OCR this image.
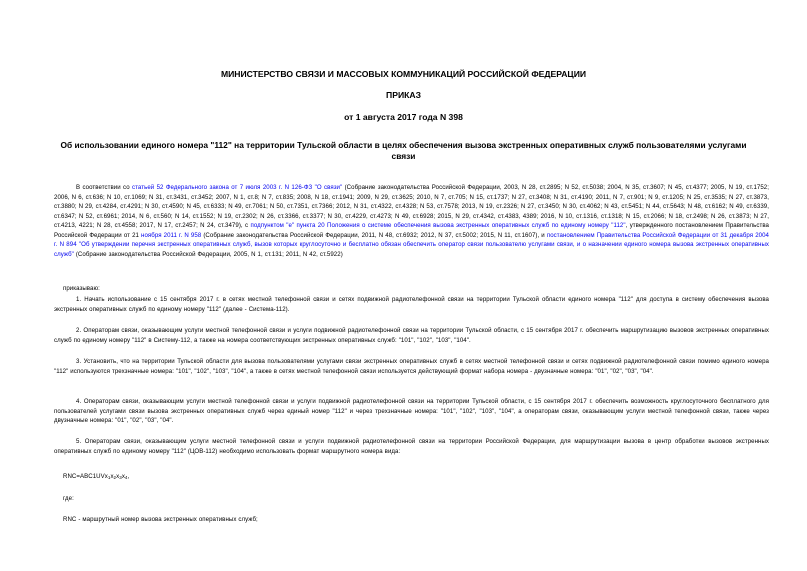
МИНИСТЕРСТВО СВЯЗИ И МАССОВЫХ КОММУНИКАЦИЙ РОССИЙСКОЙ ФЕДЕРАЦИИ
ПРИКАЗ
от 1 августа 2017 года N 398
Об использовании единого номера "112" на территории Тульской области в целях обеспечения вызова экстренных оперативных служб пользователями услугами связи
В соответствии со статьей 52 Федерального закона от 7 июля 2003 г. N 126-ФЗ "О связи" (Собрание законодательства Российской Федерации, 2003, N 28, ст.2895; N 52, ст.5038; 2004, N 35, ст.3607; N 45, ст.4377; 2005, N 19, ст.1752; 2006, N 6, ст.636; N 10, ст.1069; N 31, ст.3431, ст.3452; 2007, N 1, ст.8; N 7, ст.835; 2008, N 18, ст.1941; 2009, N 29, ст.3625; 2010, N 7, ст.705; N 15, ст.1737; N 27, ст.3408; N 31, ст.4190; 2011, N 7, ст.901; N 9, ст.1205; N 25, ст.3535; N 27, ст.3873, ст.3880; N 29, ст.4284, ст.4291; N 30, ст.4590; N 45, ст.6333; N 49, ст.7061; N 50, ст.7351, ст.7366; 2012, N 31, ст.4322, ст.4328; N 53, ст.7578; 2013, N 19, ст.2326; N 27, ст.3450; N 30, ст.4062; N 43, ст.5451; N 44, ст.5643; N 48, ст.6162; N 49, ст.6339, ст.6347; N 52, ст.6961; 2014, N 6, ст.560; N 14, ст.1552; N 19, ст.2302; N 26, ст.3366, ст.3377; N 30, ст.4229, ст.4273; N 49, ст.6928; 2015, N 29, ст.4342, ст.4383, 4389; 2016, N 10, ст.1316, ст.1318; N 15, ст.2066; N 18, ст.2498; N 26, ст.3873; N 27, ст.4213, 4221; N 28, ст.4558; 2017, N 17, ст.2457; N 24, ст.3479), с подпунктом "е" пункта 20 Положения о системе обеспечения вызова экстренных оперативных служб по единому номеру "112", утвержденного постановлением Правительства Российской Федерации от 21 ноября 2011 г. N 958 (Собрание законодательства Российской Федерации, 2011, N 48, ст.6932; 2012, N 37, ст.5002; 2015, N 11, ст.1607), и постановлением Правительства Российской Федерации от 31 декабря 2004 г. N 894 "Об утверждении перечня экстренных оперативных служб, вызов которых круглосуточно и бесплатно обязан обеспечить оператор связи пользователю услугами связи, и о назначении единого номера вызова экстренных оперативных служб" (Собрание законодательства Российской Федерации, 2005, N 1, ст.131; 2011, N 42, ст.5922)
приказываю:
1. Начать использование с 15 сентября 2017 г. в сетях местной телефонной связи и сетях подвижной радиотелефонной связи на территории Тульской области единого номера "112" для доступа в систему обеспечения вызова экстренных оперативных служб по единому номеру "112" (далее - Система-112).
2. Операторам связи, оказывающим услуги местной телефонной связи и услуги подвижной радиотелефонной связи на территории Тульской области, с 15 сентября 2017 г. обеспечить маршрутизацию вызовов экстренных оперативных служб по единому номеру "112" в Систему-112, а также на номера соответствующих экстренных оперативных служб: "101", "102", "103", "104".
3. Установить, что на территории Тульской области для вызова пользователями услугами связи экстренных оперативных служб в сетях местной телефонной связи и сетях подвижной радиотелефонной связи помимо единого номера "112" используются трехзначные номера: "101", "102", "103", "104", а также в сетях местной телефонной связи используется действующий формат набора номера - двузначные номера: "01", "02", "03", "04".
4. Операторам связи, оказывающим услуги местной телефонной связи и услуги подвижной радиотелефонной связи на территории Тульской области, с 15 сентября 2017 г. обеспечить возможность круглосуточного бесплатного для пользователей услугами связи вызова экстренных оперативных служб через единый номер "112" и через трехзначные номера: "101", "102", "103", "104", а операторам связи, оказывающим услуги местной телефонной связи, также через двузначные номера: "01", "02", "03", "04".
5. Операторам связи, оказывающим услуги местной телефонной связи и услуги подвижной радиотелефонной связи на территории Российской Федерации, для маршрутизации вызова в центр обработки вызовов экстренных оперативных служб по единому номеру "112" (ЦОВ-112) необходимо использовать формат маршрутного номера вида:
$RNC=ABC1UVx_1x_2x_3x_4$,
где:
RNC - маршрутный номер вызова экстренных оперативных служб;
